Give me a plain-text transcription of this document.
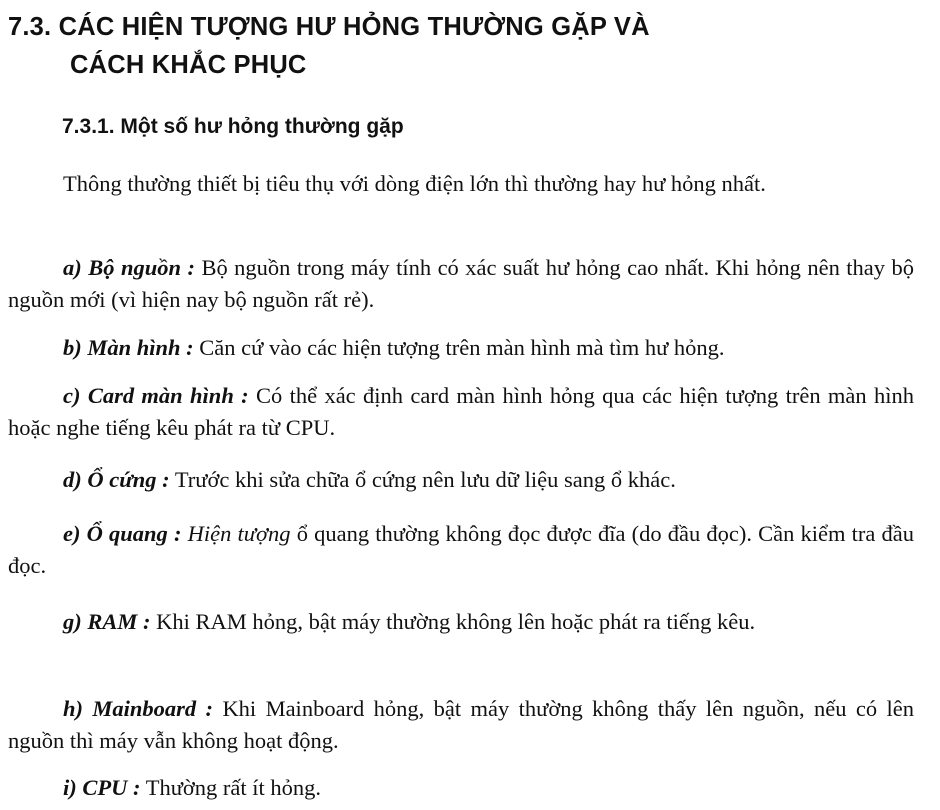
7.3. CÁC HIỆN TƯỢNG HƯ HỎNG THƯỜNG GẶP VÀ
CÁCH KHẮC PHỤC
7.3.1. Một số hư hỏng thường gặp

Thông thường thiết bị tiêu thụ với dòng điện lớn thì thường hay hư hỏng nhất.

a) Bộ nguồn : Bộ nguồn trong máy tính có xác suất hư hỏng cao nhất. Khi hỏng nên thay bộ nguồn mới (vì hiện nay bộ nguồn rất rẻ).

b) Màn hình : Căn cứ vào các hiện tượng trên màn hình mà tìm hư hỏng.

c) Card màn hình : Có thể xác định card màn hình hỏng qua các hiện tượng trên màn hình hoặc nghe tiếng kêu phát ra từ CPU.

d) Ổ cứng : Trước khi sửa chữa ổ cứng nên lưu dữ liệu sang ổ khác.

e) Ổ quang : Hiện tượng ổ quang thường không đọc được đĩa (do đầu đọc). Cần kiểm tra đầu đọc.

g) RAM : Khi RAM hỏng, bật máy thường không lên hoặc phát ra tiếng kêu.

h) Mainboard : Khi Mainboard hỏng, bật máy thường không thấy lên nguồn, nếu có lên nguồn thì máy vẫn không hoạt động.

i) CPU : Thường rất ít hỏng.
